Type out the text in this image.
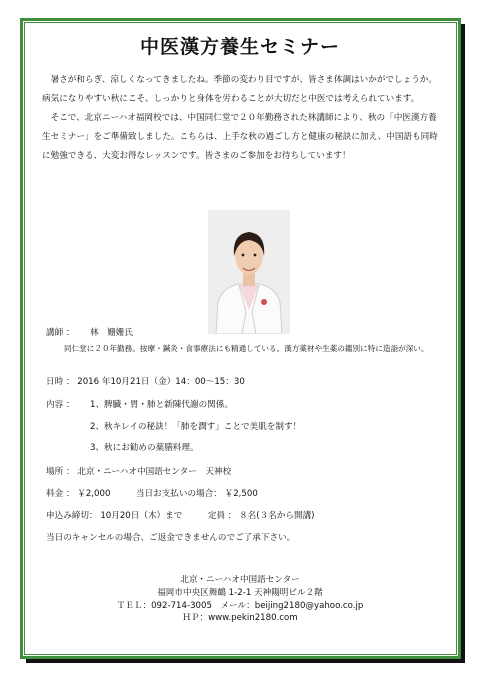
中医漢方養生セミナー

暑さが和らぎ、涼しくなってきましたね。季節の変わり目ですが、皆さま体調はいかがでしょうか。病気になりやすい秋にこそ、しっかりと身体を労わることが大切だと中医では考えられています。

そこで、北京ニーハオ福岡校では、中国同仁堂で２０年勤務された林講師により、秋の「中医漢方養生セミナー」をご準備致しました。こちらは、上手な秋の過ごし方と健康の秘訣に加え、中国語も同時に勉強できる、大変お得なレッスンです。皆さまのご参加をお待ちしています！

講師 ： 林　姗姗氏
同仁堂に２０年勤務。按摩・鍼灸・食事療法にも精通している。漢方薬材や生薬の鑑別に特に造詣が深い。
日時 ： 2016 年10月21日（金）14：00～15：30
内容 ： 1、脾臓・胃・肺と新陳代謝の関係。
2、秋キレイの秘訣！「肺を潤す」ことで美肌を制す！
3、秋にお勧めの薬膳料理。
場所 ： 北京・ニーハオ中国語センター　天神校
料金 ： ￥2,000	当日お支払いの場合： ￥2,500
申込み締切： 10月20日（木）まで	定員 ： ８名(３名から開講)
当日のキャンセルの場合、ご返金できませんのでご了承下さい。
北京・ニーハオ中国語センター
福岡市中央区舞鶴 1-2-1 天神陽明ビル２階
ＴＥＬ：092-714-3005　メール：beijing2180@yahoo.co.jp
ＨＰ：www.pekin2180.com
